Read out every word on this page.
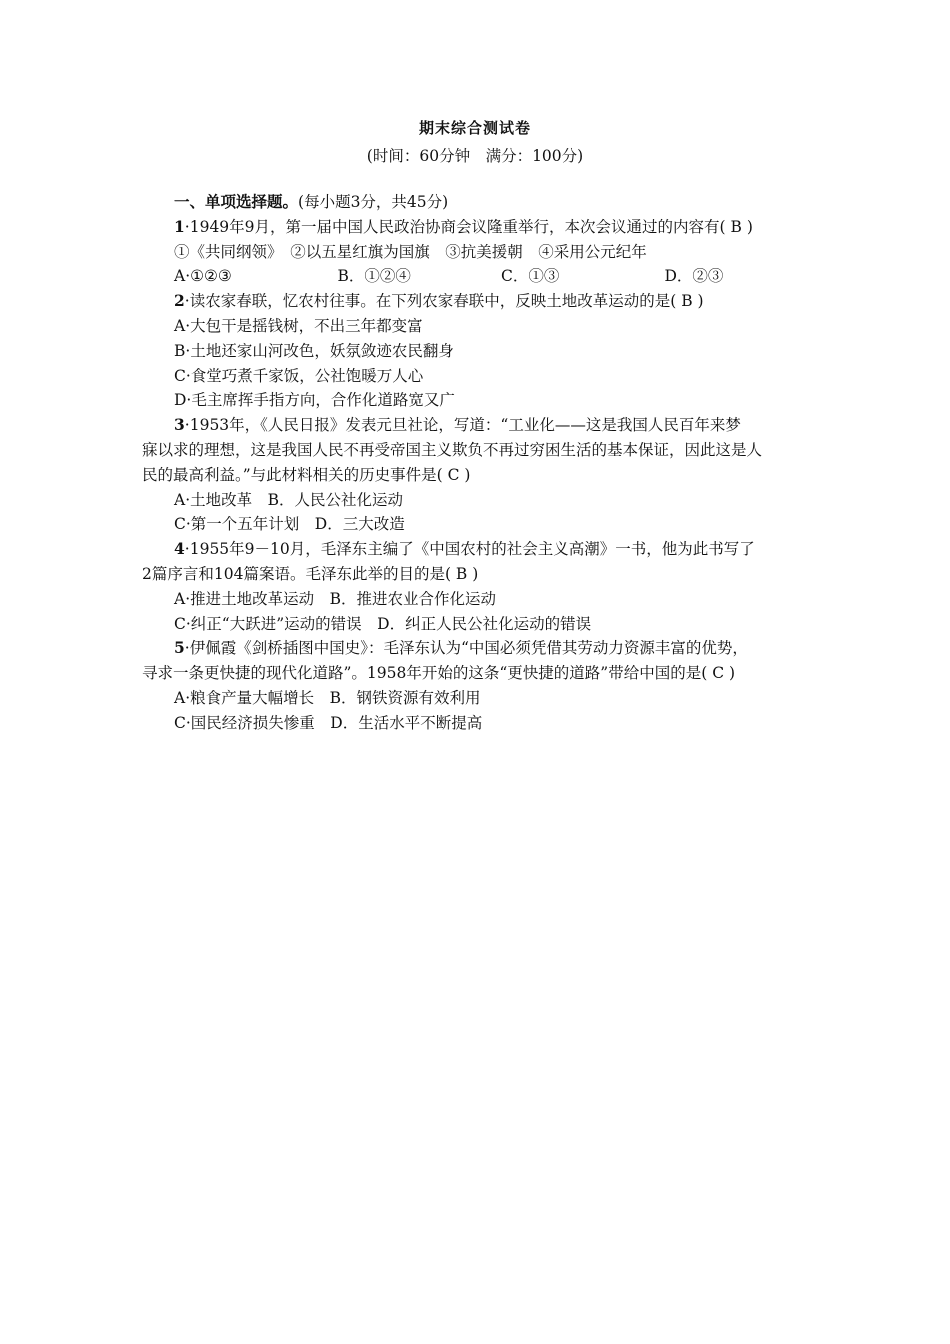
期末综合测试卷
(时间：60分钟　满分：100分)
一、单项选择题。(每小题3分，共45分)
1·1949年9月，第一届中国人民政治协商会议隆重举行，本次会议通过的内容有( B )
①《共同纲领》　②以五星红旗为国旗　③抗美援朝　④采用公元纪年
A·①②③	B．①②④	C．①③	D．②③
2·读农家春联，忆农村往事。在下列农家春联中，反映土地改革运动的是( B )
A·大包干是摇钱树，不出三年都变富
B·土地还家山河改色，妖氛敛迹农民翻身
C·食堂巧煮千家饭，公社饱暖万人心
D·毛主席挥手指方向，合作化道路宽又广
3·1953年，《人民日报》发表元旦社论，写道：“工业化——这是我国人民百年来梦
寐以求的理想，这是我国人民不再受帝国主义欺负不再过穷困生活的基本保证，因此这是人
民的最高利益。”与此材料相关的历史事件是( C )
A·土地改革　B．人民公社化运动
C·第一个五年计划　D．三大改造
4·1955年9－10月，毛泽东主编了《中国农村的社会主义高潮》一书，他为此书写了
2篇序言和104篇案语。毛泽东此举的目的是( B )
A·推进土地改革运动　B．推进农业合作化运动
C·纠正“大跃进”运动的错误　D．纠正人民公社化运动的错误
5·伊佩霞《剑桥插图中国史》：毛泽东认为“中国必须凭借其劳动力资源丰富的优势，
寻求一条更快捷的现代化道路”。1958年开始的这条“更快捷的道路”带给中国的是( C )
A·粮食产量大幅增长　B．钢铁资源有效利用
C·国民经济损失惨重　D．生活水平不断提高
